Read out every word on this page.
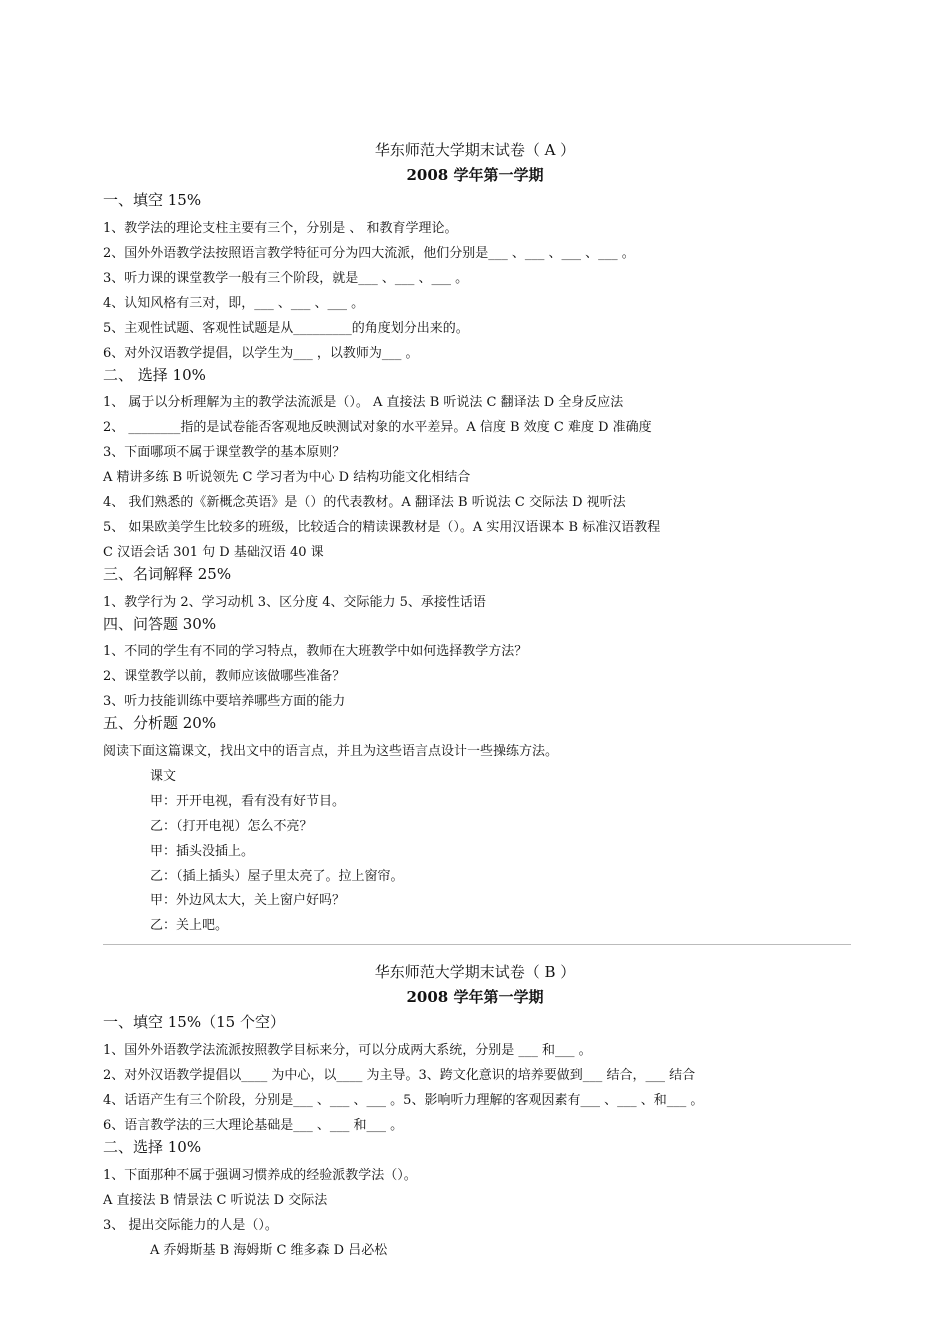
华东师范大学期末试卷（ A ）
2008 学年第一学期
一、填空 15%
1、教学法的理论支柱主要有三个，分别是 、 和教育学理论。
2、国外外语教学法按照语言教学特征可分为四大流派，他们分别是___ 、___ 、___ 、___ 。
3、听力课的课堂教学一般有三个阶段，就是___ 、___ 、___ 。
4、认知风格有三对，即，___ 、___ 、___ 。
5、主观性试题、客观性试题是从_________的角度划分出来的。
6、对外汉语教学提倡，以学生为___ ，以教师为___ 。
二、 选择 10%
1、 属于以分析理解为主的教学法流派是（）。 A 直接法 B 听说法 C 翻译法 D 全身反应法
2、 ________指的是试卷能否客观地反映测试对象的水平差异。A 信度 B 效度 C 难度 D 准确度
3、下面哪项不属于课堂教学的基本原则？
A 精讲多练 B 听说领先 C 学习者为中心 D 结构功能文化相结合
4、 我们熟悉的《新概念英语》是（）的代表教材。A 翻译法 B 听说法 C 交际法 D 视听法
5、 如果欧美学生比较多的班级，比较适合的精读课教材是（）。A 实用汉语课本 B 标准汉语教程
C 汉语会话 301 句 D 基础汉语 40 课
三、名词解释 25%
1、教学行为 2、学习动机 3、区分度 4、交际能力 5、承接性话语
四、问答题 30%
1、不同的学生有不同的学习特点，教师在大班教学中如何选择教学方法？
2、课堂教学以前，教师应该做哪些准备？
3、听力技能训练中要培养哪些方面的能力
五、分析题 20%
阅读下面这篇课文，找出文中的语言点，并且为这些语言点设计一些操练方法。
课文
甲：开开电视，看有没有好节目。
乙：（打开电视）怎么不亮？
甲：插头没插上。
乙：（插上插头）屋子里太亮了。拉上窗帘。
甲：外边风太大，关上窗户好吗？
乙：关上吧。
华东师范大学期末试卷（ B ）
2008 学年第一学期
一、填空 15%（15 个空）
1、国外外语教学法流派按照教学目标来分，可以分成两大系统，分别是 ___ 和___ 。
2、对外汉语教学提倡以____ 为中心，以____ 为主导。3、跨文化意识的培养要做到___ 结合，___ 结合
4、话语产生有三个阶段，分别是___ 、___ 、___ 。5、影响听力理解的客观因素有___ 、___ 、和___ 。
6、语言教学法的三大理论基础是___ 、___ 和___ 。
二、选择 10%
1、下面那种不属于强调习惯养成的经验派教学法（）。
A 直接法 B 情景法 C 听说法 D 交际法
3、 提出交际能力的人是（）。
A 乔姆斯基 B 海姆斯 C 维多森 D 吕必松
